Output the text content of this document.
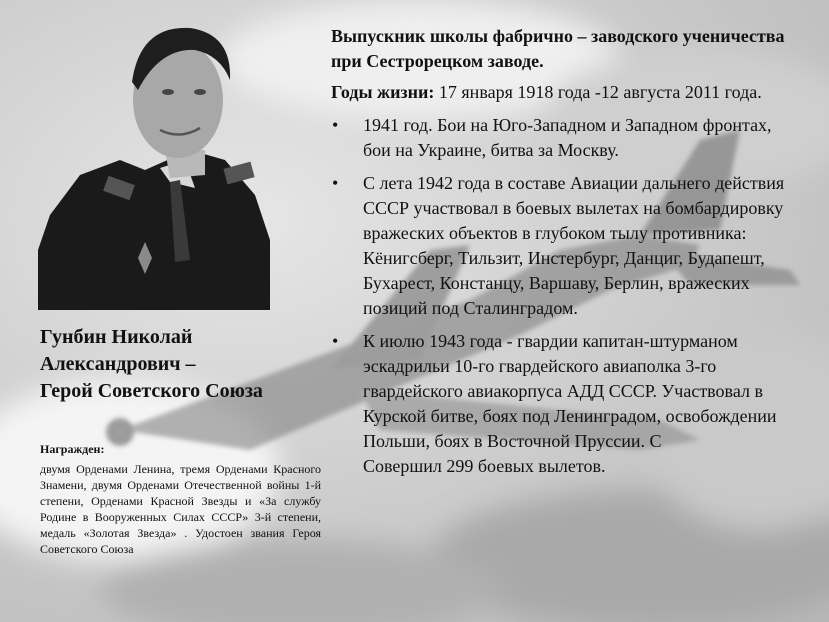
Гунбин Николай
Александрович –
Герой Советского Союза
Награжден:
двумя Орденами Ленина, тремя Орденами Красного Знамени, двумя Орденами Отечественной войны 1-й степени, Орденами Красной Звезды и «За службу Родине в Вооруженных Силах СССР» 3-й степени, медаль «Золотая Звезда» . Удостоен звания Героя Советского Союза
Выпускник школы фабрично – заводского ученичества при Сестрорецком заводе.
Годы жизни: 17 января 1918 года -12 августа 2011 года.
• 1941 год. Бои на Юго-Западном и Западном фронтах, бои на Украине, битва за Москву.
• С лета 1942 года в составе Авиации дальнего действия СССР участвовал в боевых вылетах на бомбардировку вражеских объектов в глубоком тылу противника: Кёнигсберг, Тильзит, Инстербург, Данциг, Будапешт, Бухарест, Констанцу, Варшаву, Берлин, вражеских позиций под Сталинградом.
• К июлю 1943 года - гвардии капитан-штурманом эскадрильи 10-го гвардейского авиаполка 3-го гвардейского авиакорпуса АДД СССР. Участвовал в Курской битве, боях под Ленинградом, освобождении Польши, боях в Восточной Пруссии. С
Совершил 299 боевых вылетов.
